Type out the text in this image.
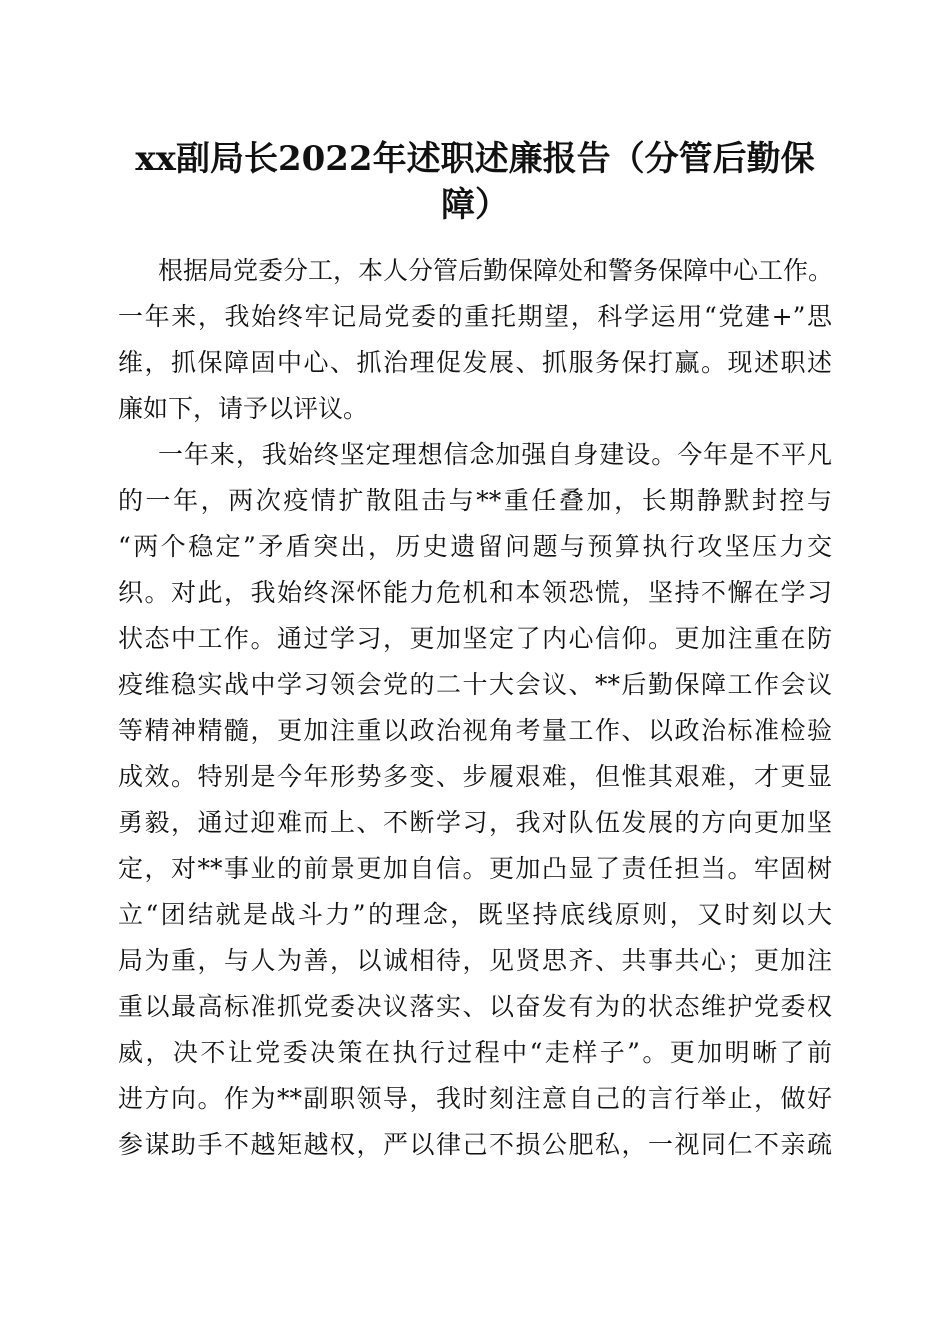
xx副局长2022年述职述廉报告（分管后勤保
障）
根据局党委分工，本人分管后勤保障处和警务保障中心工作。
一年来，我始终牢记局党委的重托期望，科学运用“党建+”思
维，抓保障固中心、抓治理促发展、抓服务保打赢。现述职述
廉如下，请予以评议。
一年来，我始终坚定理想信念加强自身建设。今年是不平凡
的一年，两次疫情扩散阻击与**重任叠加，长期静默封控与
“两个稳定”矛盾突出，历史遗留问题与预算执行攻坚压力交
织。对此，我始终深怀能力危机和本领恐慌，坚持不懈在学习
状态中工作。通过学习，更加坚定了内心信仰。更加注重在防
疫维稳实战中学习领会党的二十大会议、**后勤保障工作会议
等精神精髓，更加注重以政治视角考量工作、以政治标准检验
成效。特别是今年形势多变、步履艰难，但惟其艰难，才更显
勇毅，通过迎难而上、不断学习，我对队伍发展的方向更加坚
定，对**事业的前景更加自信。更加凸显了责任担当。牢固树
立“团结就是战斗力”的理念，既坚持底线原则，又时刻以大
局为重，与人为善，以诚相待，见贤思齐、共事共心；更加注
重以最高标准抓党委决议落实、以奋发有为的状态维护党委权
威，决不让党委决策在执行过程中“走样子”。更加明晰了前
进方向。作为**副职领导，我时刻注意自己的言行举止，做好
参谋助手不越矩越权，严以律己不损公肥私，一视同仁不亲疏
